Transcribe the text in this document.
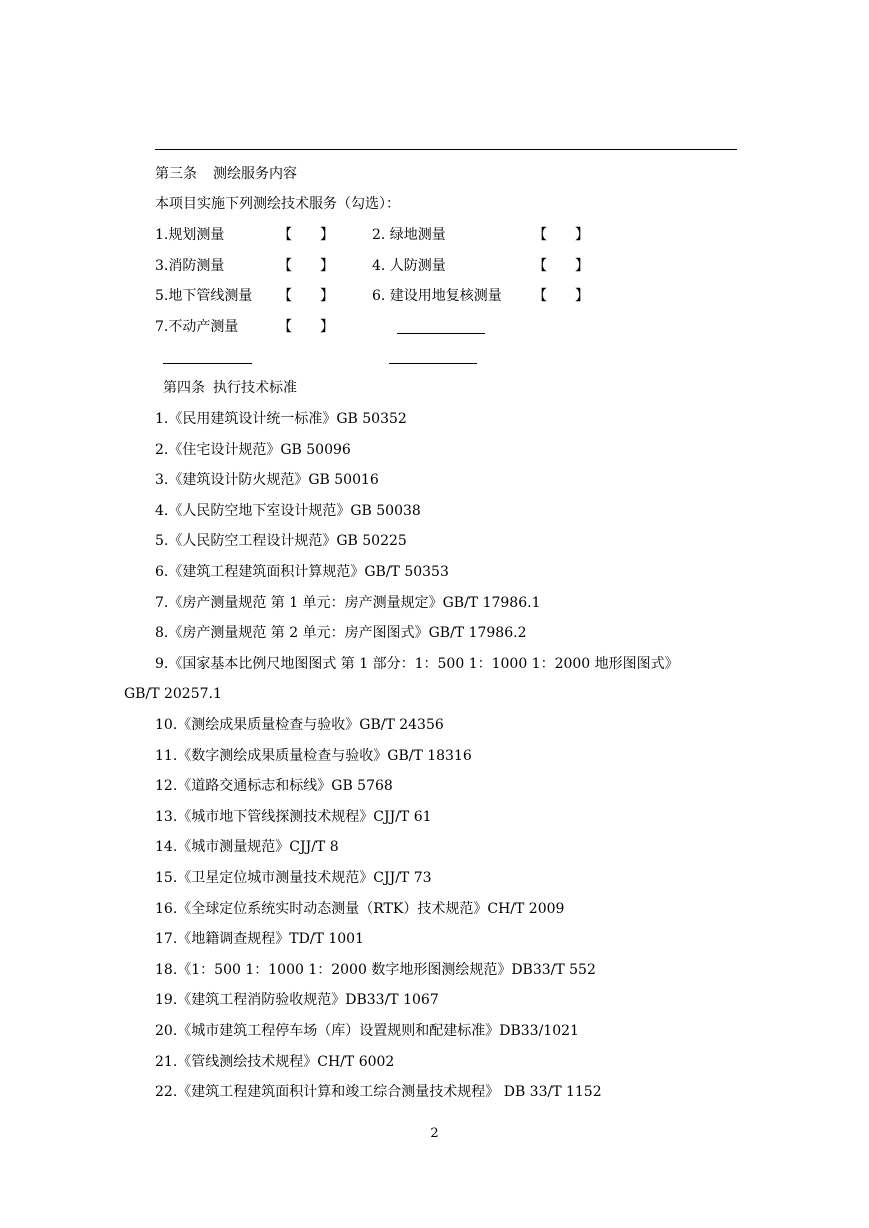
第三条 测绘服务内容
本项目实施下列测绘技术服务（勾选）：
1.规划测量	【　　】	2. 绿地测量	【　　】
3.消防测量	【　　】	4. 人防测量	【　　】
5.地下管线测量 【　　】	6. 建设用地复核测量 【　　】
7.不动产测量	【　　】
第四条 执行技术标准
1.《民用建筑设计统一标准》GB 50352
2.《住宅设计规范》GB 50096
3.《建筑设计防火规范》GB 50016
4.《人民防空地下室设计规范》GB 50038
5.《人民防空工程设计规范》GB 50225
6.《建筑工程建筑面积计算规范》GB/T 50353
7.《房产测量规范 第 1 单元：房产测量规定》GB/T 17986.1
8.《房产测量规范 第 2 单元：房产图图式》GB/T 17986.2
9.《国家基本比例尺地图图式 第 1 部分：1：500 1：1000 1：2000 地形图图式》
GB/T 20257.1
10.《测绘成果质量检查与验收》GB/T 24356
11.《数字测绘成果质量检查与验收》GB/T 18316
12.《道路交通标志和标线》GB 5768
13.《城市地下管线探测技术规程》CJJ/T 61
14.《城市测量规范》CJJ/T 8
15.《卫星定位城市测量技术规范》CJJ/T 73
16.《全球定位系统实时动态测量（RTK）技术规范》CH/T 2009
17.《地籍调查规程》TD/T 1001
18.《1：500 1：1000 1：2000 数字地形图测绘规范》DB33/T 552
19.《建筑工程消防验收规范》DB33/T 1067
20.《城市建筑工程停车场（库）设置规则和配建标准》DB33/1021
21.《管线测绘技术规程》CH/T 6002
22.《建筑工程建筑面积计算和竣工综合测量技术规程》 DB 33/T 1152
2
